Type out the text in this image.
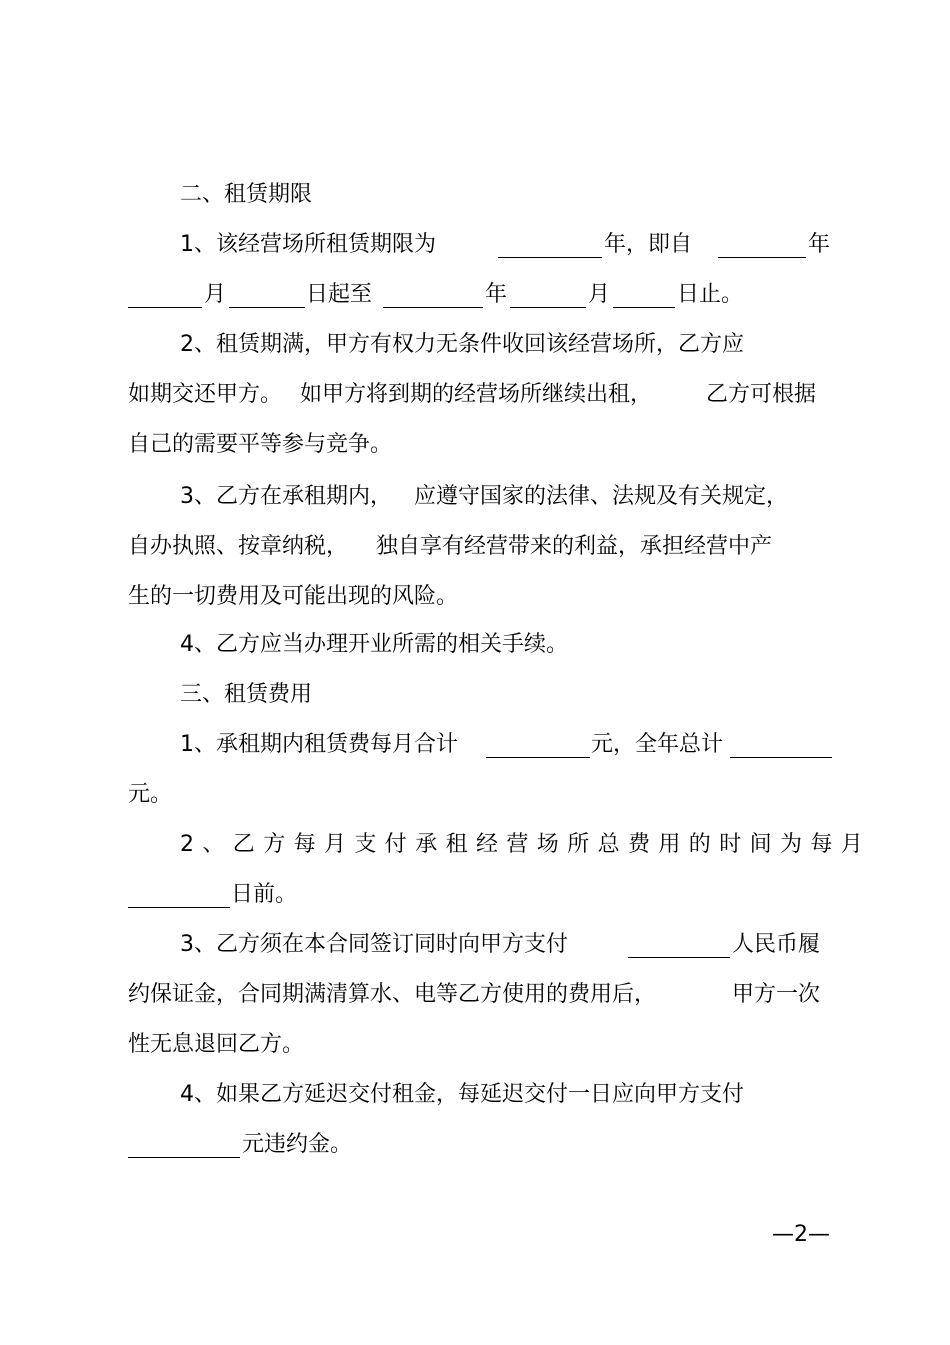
二、租赁期限
1、该经营场所租赁期限为	年，即自	年
月	日起至	年	月	日止。
2、租赁期满，甲方有权力无条件收回该经营场所，乙方应
如期交还甲方。 如甲方将到期的经营场所继续出租， 乙方可根据
自己的需要平等参与竞争。
3、乙方在承租期内， 应遵守国家的法律、法规及有关规定，
自办执照、按章纳税， 独自享有经营带来的利益，承担经营中产
生的一切费用及可能出现的风险。
4、乙方应当办理开业所需的相关手续。
三、租赁费用
1、承租期内租赁费每月合计	元，全年总计
元。
2、乙方每月支付承租经营场所总费用的时间为每月
日前。
3、乙方须在本合同签订同时向甲方支付	人民币履
约保证金，合同期满清算水、电等乙方使用的费用后，	甲方一次
性无息退回乙方。
4、如果乙方延迟交付租金，每延迟交付一日应向甲方支付
元违约金。
—2—
